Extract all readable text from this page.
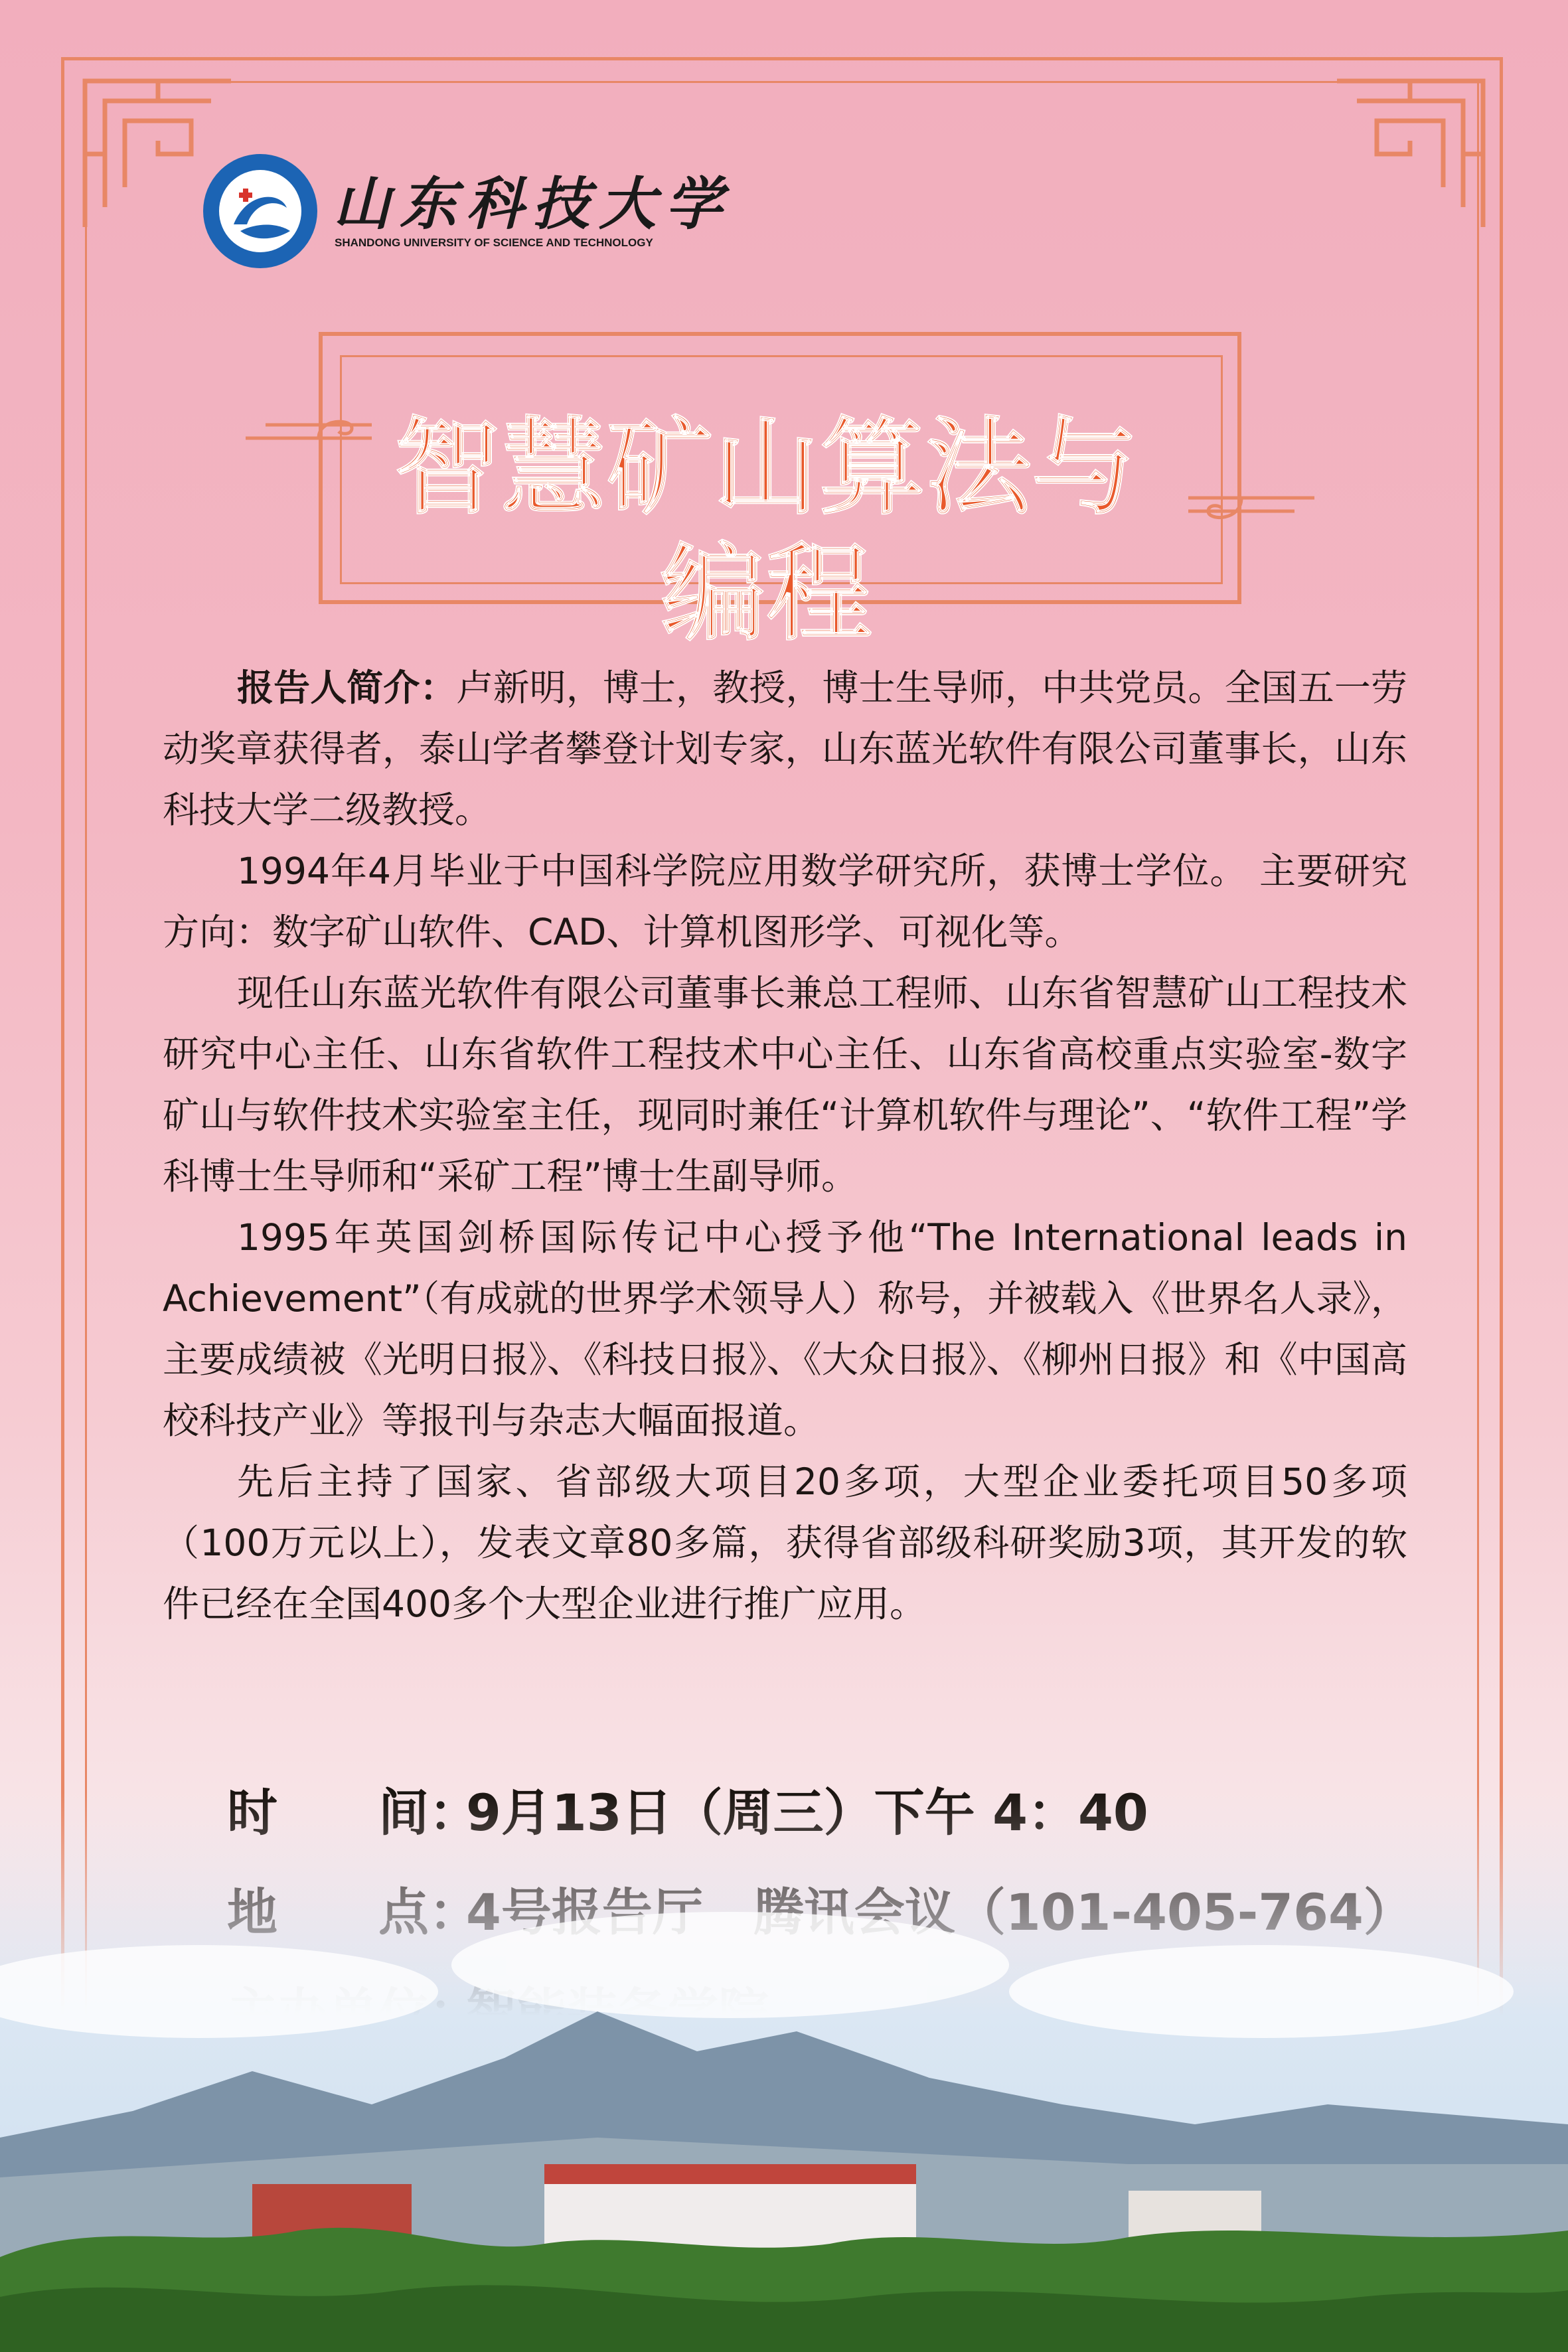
山东科技大学
SHANDONG UNIVERSITY OF SCIENCE AND TECHNOLOGY
智慧矿山算法与编程

报告人简介：卢新明，博士，教授，博士生导师，中共党员。全国五一劳动奖章获得者，泰山学者攀登计划专家，山东蓝光软件有限公司董事长，山东科技大学二级教授。

1994年4月毕业于中国科学院应用数学研究所，获博士学位。 主要研究方向：数字矿山软件、CAD、计算机图形学、可视化等。

现任山东蓝光软件有限公司董事长兼总工程师、山东省智慧矿山工程技术研究中心主任、山东省软件工程技术中心主任、山东省高校重点实验室-数字矿山与软件技术实验室主任，现同时兼任“计算机软件与理论”、“软件工程”学科博士生导师和“采矿工程”博士生副导师。

1995年英国剑桥国际传记中心授予他“The International leads in Achievement”（有成就的世界学术领导人）称号，并被载入《世界名人录》，主要成绩被《光明日报》、《科技日报》、《大众日报》、《柳州日报》和《中国高校科技产业》等报刊与杂志大幅面报道。

先后主持了国家、省部级大项目20多项，大型企业委托项目50多项（100万元以上），发表文章80多篇，获得省部级科研奖励3项，其开发的软件已经在全国400多个大型企业进行推广应用。
